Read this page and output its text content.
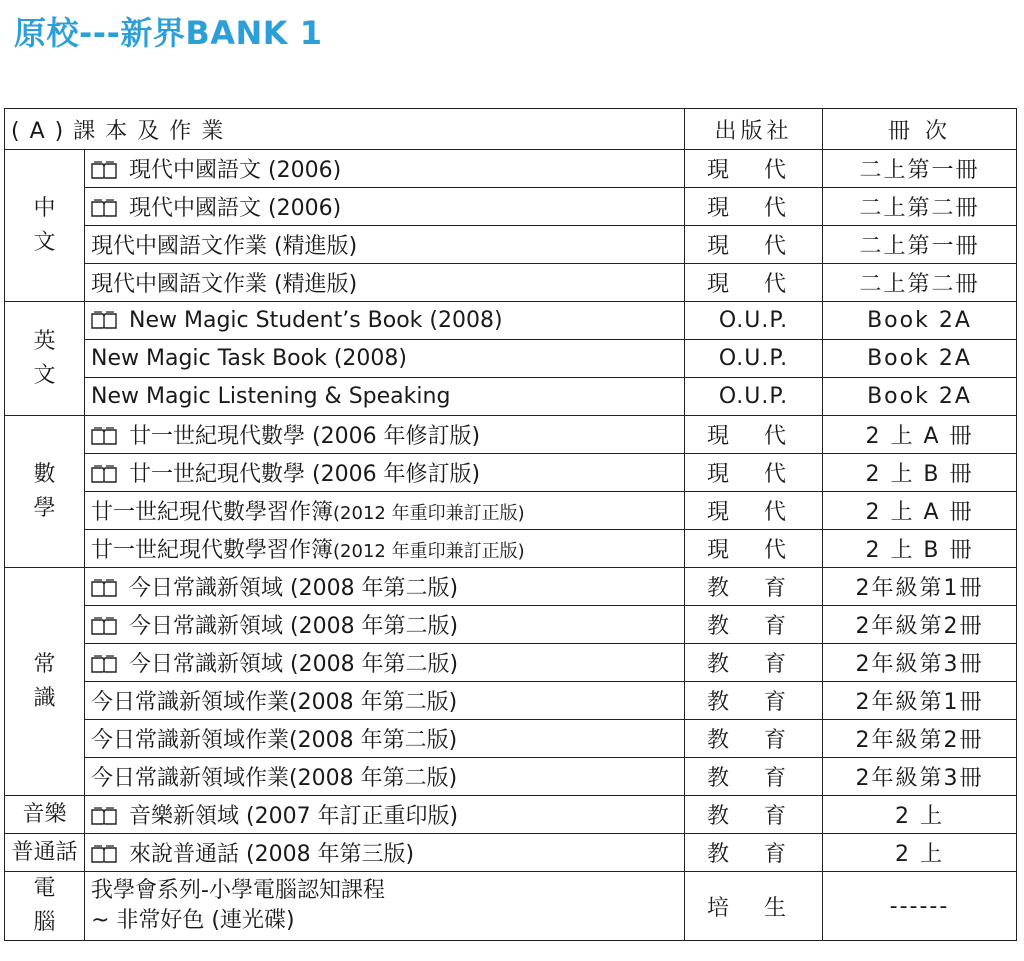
原校---新界BANK 1
(A)課本及作業		出版社	冊 次

中
文	現代中國語文 (2006)	現 代	二上第一冊
	現代中國語文 (2006)	現 代	二上第二冊
	現代中國語文作業 (精進版)	現 代	二上第一冊
	現代中國語文作業 (精進版)	現 代	二上第二冊

英
文	New Magic Student’s Book (2008)	O.U.P.	Book 2A
	New Magic Task Book (2008)	O.U.P.	Book 2A
	New Magic Listening & Speaking	O.U.P.	Book 2A

數
學	廿一世紀現代數學 (2006 年修訂版)	現 代	2 上 A 冊
	廿一世紀現代數學 (2006 年修訂版)	現 代	2 上 B 冊
	廿一世紀現代數學習作簿(2012 年重印兼訂正版)	現 代	2 上 A 冊
	廿一世紀現代數學習作簿(2012 年重印兼訂正版)	現 代	2 上 B 冊

常
識	今日常識新領域 (2008 年第二版)	教 育	2年級第1冊
	今日常識新領域 (2008 年第二版)	教 育	2年級第2冊
	今日常識新領域 (2008 年第二版)	教 育	2年級第3冊
	今日常識新領域作業(2008 年第二版)	教 育	2年級第1冊
	今日常識新領域作業(2008 年第二版)	教 育	2年級第2冊
	今日常識新領域作業(2008 年第二版)	教 育	2年級第3冊

音樂	音樂新領域 (2007 年訂正重印版)	教 育	2 上

普通話	來說普通話 (2008 年第三版)	教 育	2 上

電
腦	我學會系列-小學電腦認知課程
~ 非常好色 (連光碟)	培 生	------
